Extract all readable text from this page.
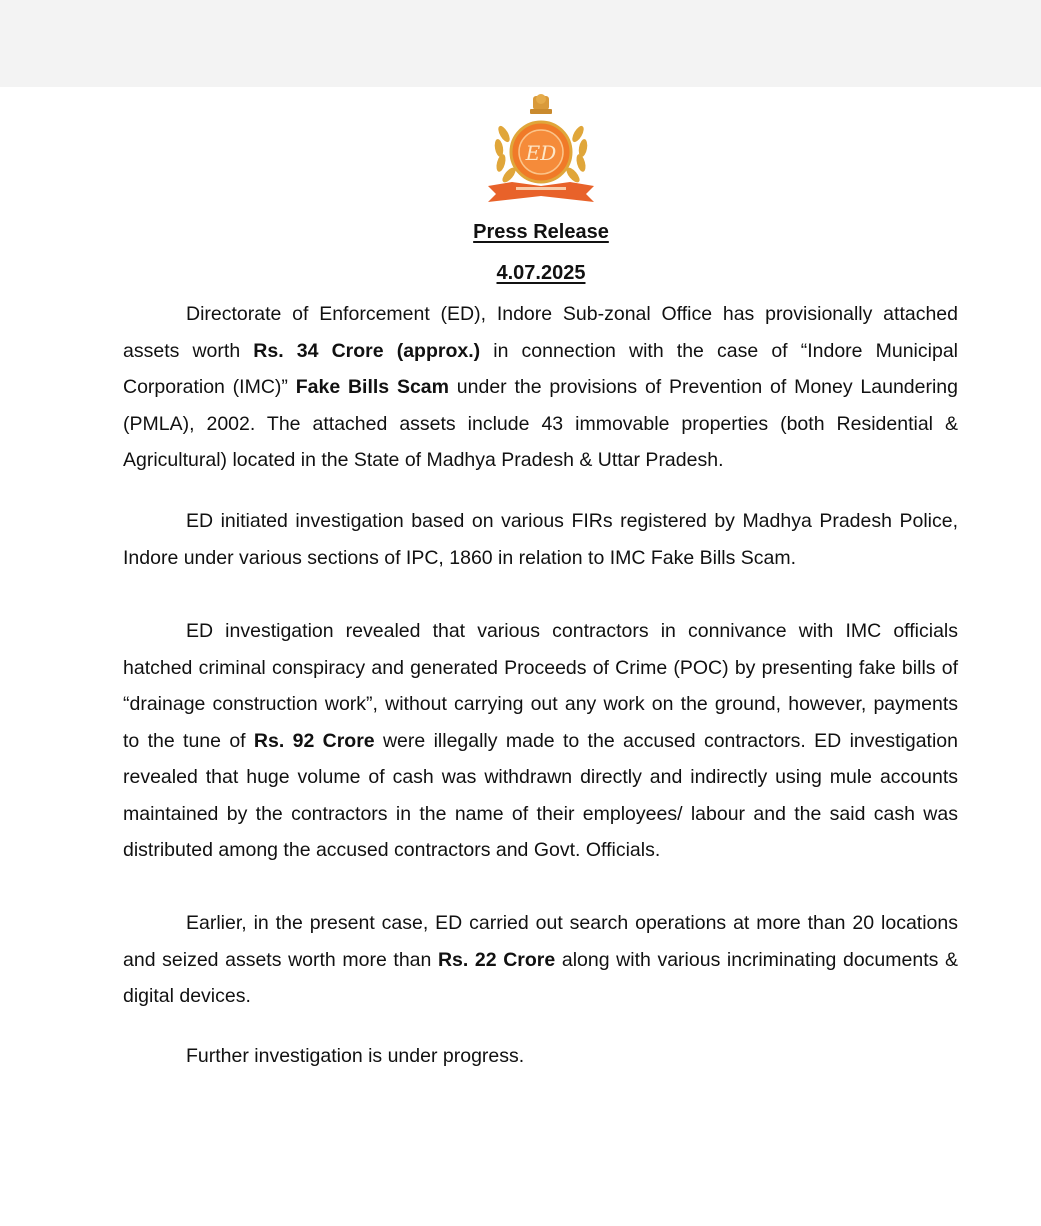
ED
Press Release
4.07.2025

Directorate of Enforcement (ED), Indore Sub-zonal Office has provisionally attached assets worth Rs. 34 Crore (approx.) in connection with the case of “Indore Municipal Corporation (IMC)” Fake Bills Scam under the provisions of Prevention of Money Laundering (PMLA), 2002. The attached assets include 43 immovable properties (both Residential & Agricultural) located in the State of Madhya Pradesh & Uttar Pradesh.

ED initiated investigation based on various FIRs registered by Madhya Pradesh Police, Indore under various sections of IPC, 1860 in relation to IMC Fake Bills Scam.

ED investigation revealed that various contractors in connivance with IMC officials hatched criminal conspiracy and generated Proceeds of Crime (POC) by presenting fake bills of “drainage construction work”, without carrying out any work on the ground, however, payments to the tune of Rs. 92 Crore were illegally made to the accused contractors. ED investigation revealed that huge volume of cash was withdrawn directly and indirectly using mule accounts maintained by the contractors in the name of their employees/ labour and the said cash was distributed among the accused contractors and Govt. Officials.

Earlier, in the present case, ED carried out search operations at more than 20 locations and seized assets worth more than Rs. 22 Crore along with various incriminating documents & digital devices.

Further investigation is under progress.
